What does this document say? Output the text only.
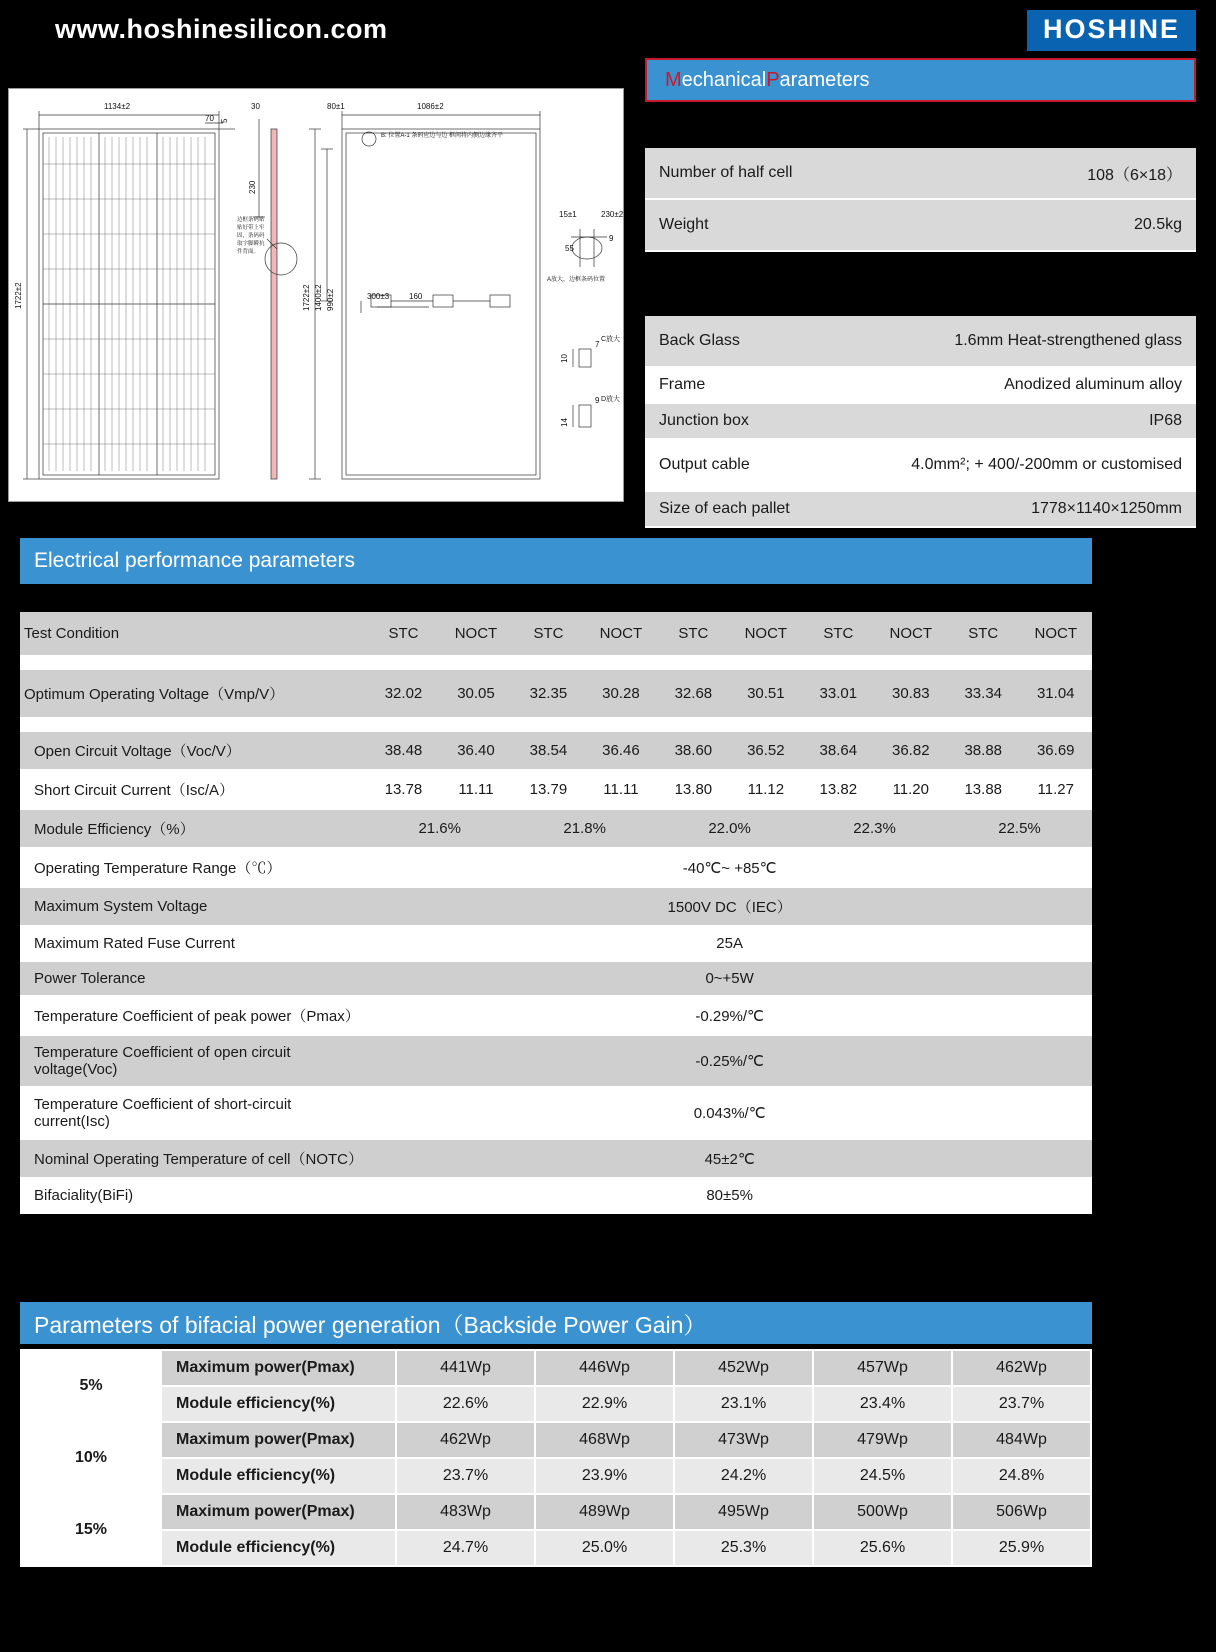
www.hoshinesilicon.com	HOSHINE
1134±2
70 5
30
230
80±1	1086±2
1722±2	1722±2 1400±2 990±2	300±3 160
15±1	230±2
55
9
7
10
9
14
B: 位置A-1 条码应边与边 框间将内侧边缘齐平
C放大
D放大
A放大，边框条码位置
边框条码贴
贴好带上牢
固，条码码
取字脚瞬抗
件背面。
M echanical P arameters
Number of half cell	108（6×18）
Weight	20.5kg
Back Glass	1.6mm Heat-strengthened glass
Frame	Anodized aluminum alloy
Junction box	IP68
Output cable	4.0mm²; + 400/-200mm or customised
Size of each pallet	1778×1140×1250mm
Electrical performance parameters
Test Condition	STC	NOCT	STC	NOCT	STC	NOCT	STC	NOCT	STC	NOCT

Optimum Operating Voltage（Vmp/V）	32.02	30.05	32.35	30.28	32.68	30.51	33.01	30.83	33.34	31.04

Open Circuit Voltage（Voc/V）	38.48	36.40	38.54	36.46	38.60	36.52	38.64	36.82	38.88	36.69
Short Circuit Current（Isc/A）	13.78	11.11	13.79	11.11	13.80	11.12	13.82	11.20	13.88	11.27
Module Efficiency（%）	21.6%		21.8%		22.0%		22.3%		22.5%	
Operating Temperature Range（℃）	-40℃~ +85℃									
Maximum System Voltage	1500V DC（IEC）									
Maximum Rated Fuse Current	25A									
Power Tolerance	0~+5W									
Temperature Coefficient of peak power（Pmax）	-0.29%/℃									
Temperature Coefficient of open circuit voltage(Voc)	-0.25%/℃									
Temperature Coefficient of short-circuit current(Isc)	0.043%/℃									
Nominal Operating Temperature of cell（NOTC）	45±2℃									
Bifaciality(BiFi)	80±5%									
Parameters of bifacial power generation（Backside Power Gain）
5%	Maximum power(Pmax)	441Wp	446Wp	452Wp	457Wp	462Wp
	Module efficiency(%)	22.6%	22.9%	23.1%	23.4%	23.7%
10%	Maximum power(Pmax)	462Wp	468Wp	473Wp	479Wp	484Wp
	Module efficiency(%)	23.7%	23.9%	24.2%	24.5%	24.8%
15%	Maximum power(Pmax)	483Wp	489Wp	495Wp	500Wp	506Wp
	Module efficiency(%)	24.7%	25.0%	25.3%	25.6%	25.9%
